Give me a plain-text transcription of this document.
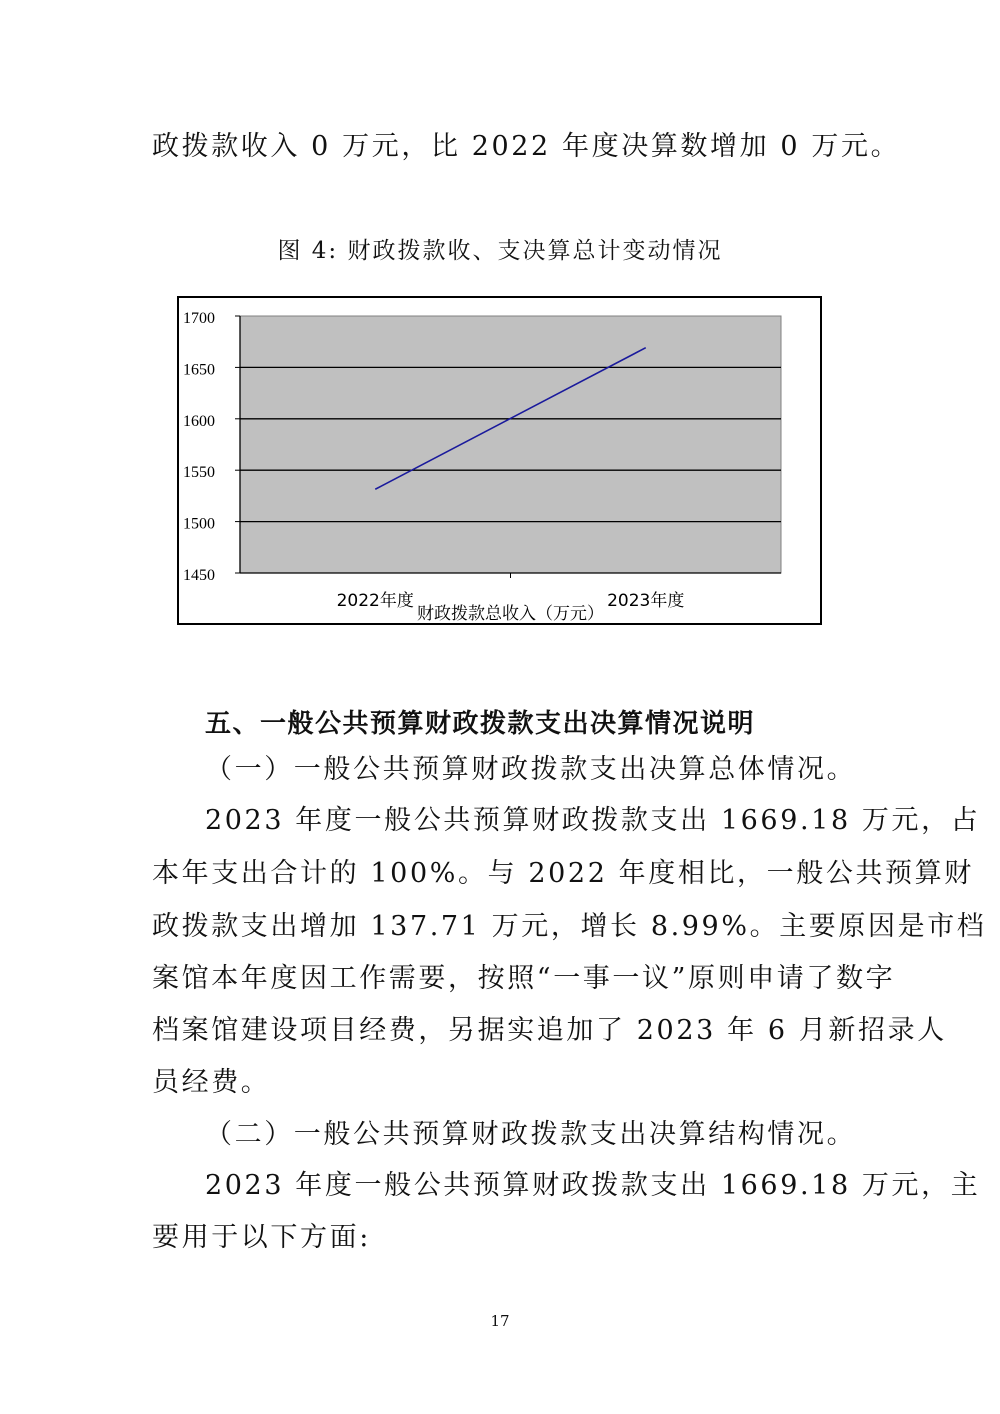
政拨款收入 0 万元，比 2022 年度决算数增加 0 万元。
图 4: 财政拨款收、支决算总计变动情况
1450
1500
1550
1600
1650
1700
2022年度	2023年度
财政拨款总收入（万元）
五、一般公共预算财政拨款支出决算情况说明
（一）一般公共预算财政拨款支出决算总体情况。
2023 年度一般公共预算财政拨款支出 1669.18 万元，占
本年支出合计的 100%。与 2022 年度相比，一般公共预算财
政拨款支出增加 137.71 万元，增长 8.99%。主要原因是市档
案馆本年度因工作需要，按照“一事一议”原则申请了数字
档案馆建设项目经费，另据实追加了 2023 年 6 月新招录人
员经费。
（二）一般公共预算财政拨款支出决算结构情况。
2023 年度一般公共预算财政拨款支出 1669.18 万元，主
要用于以下方面:
17
